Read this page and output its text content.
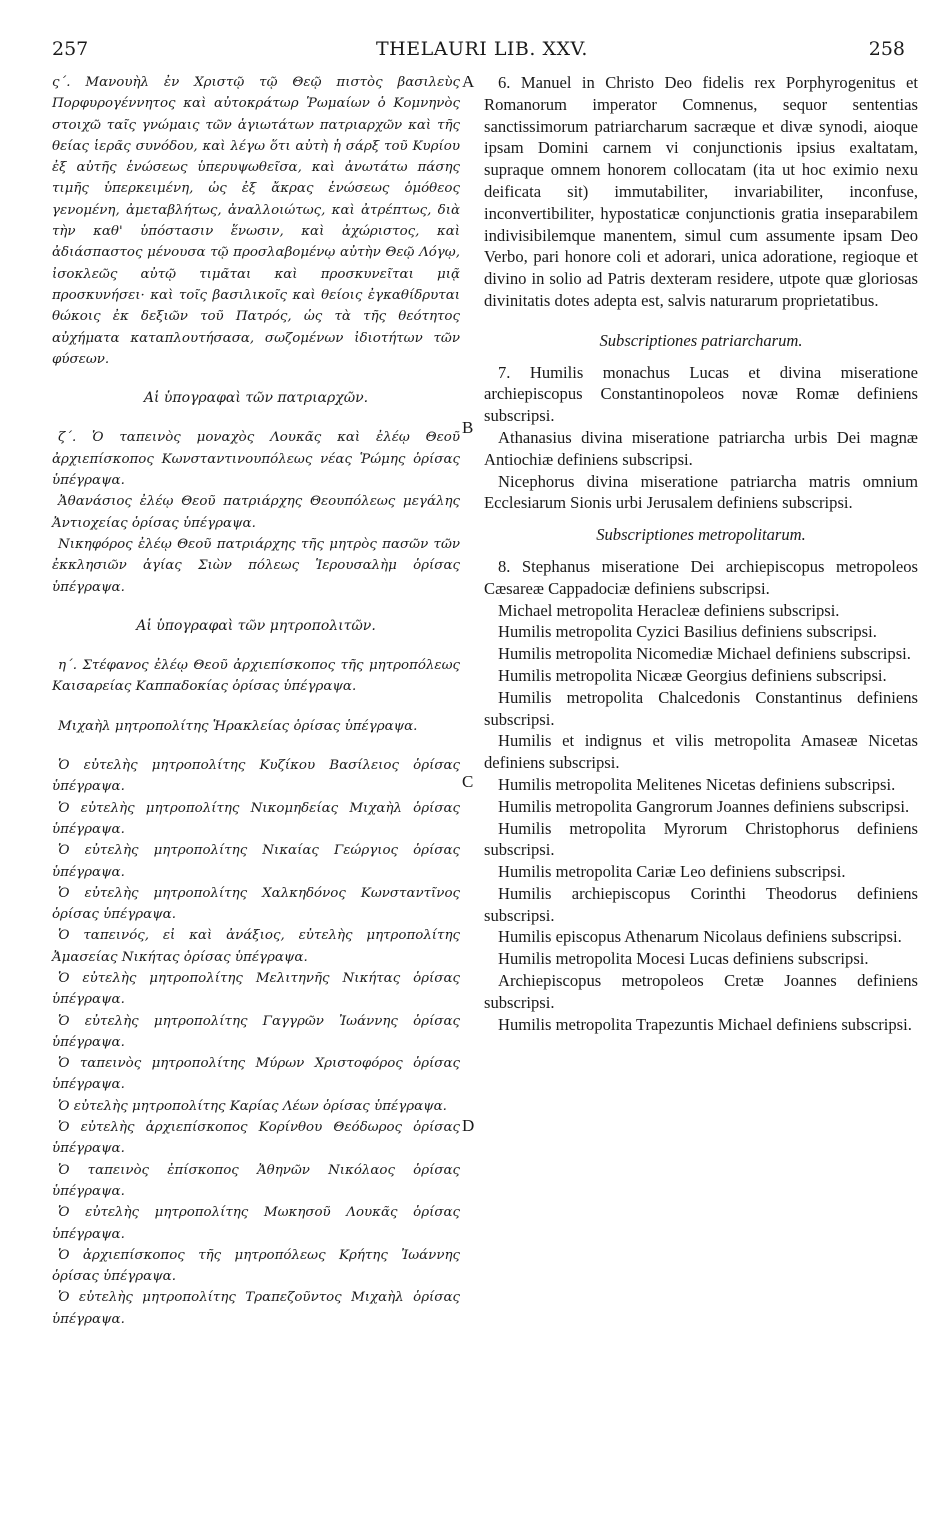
257	THELAURI LIB. XXV.	258
A
B
C
D

ς΄. Μανουὴλ ἐν Χριστῷ τῷ Θεῷ πιστὸς βασιλεὺς Πορφυρογέννητος καὶ αὐτοκράτωρ Ῥωμαίων ὁ Κομνηνὸς στοιχῶ ταῖς γνώμαις τῶν ἁγιωτάτων πατριαρχῶν καὶ τῆς θείας ἱερᾶς συνόδου, καὶ λέγω ὅτι αὐτὴ ἡ σάρξ τοῦ Κυρίου ἐξ αὐτῆς ἑνώσεως ὑπερυψωθεῖσα, καὶ ἀνωτάτω πάσης τιμῆς ὑπερκειμένη, ὡς ἐξ ἄκρας ἑνώσεως ὁμόθεος γενομένη, ἀμεταβλήτως, ἀναλλοιώτως, καὶ ἀτρέπτως, διὰ τὴν καθ' ὑπόστασιν ἕνωσιν, καὶ ἀχώριστος, καὶ ἀδιάσπαστος μένουσα τῷ προσλαβομένῳ αὐτὴν Θεῷ Λόγῳ, ἰσοκλεῶς αὐτῷ τιμᾶται καὶ προσκυνεῖται μιᾷ προσκυνήσει· καὶ τοῖς βασιλικοῖς καὶ θείοις ἐγκαθίδρυται θώκοις ἐκ δεξιῶν τοῦ Πατρός, ὡς τὰ τῆς θεότητος αὐχήματα καταπλουτήσασα, σωζομένων ἰδιοτήτων τῶν φύσεων.

Αἱ ὑπογραφαὶ τῶν πατριαρχῶν.

ζ΄. Ὁ ταπεινὸς μοναχὸς Λουκᾶς καὶ ἐλέῳ Θεοῦ ἀρχιεπίσκοπος Κωνσταντινουπόλεως νέας Ῥώμης ὁρίσας ὑπέγραψα.

Ἀθανάσιος ἐλέῳ Θεοῦ πατριάρχης Θεουπόλεως μεγάλης Ἀντιοχείας ὁρίσας ὑπέγραψα.

Νικηφόρος ἐλέῳ Θεοῦ πατριάρχης τῆς μητρὸς πασῶν τῶν ἐκκλησιῶν ἁγίας Σιὼν πόλεως Ἱερουσαλὴμ ὁρίσας ὑπέγραψα.

Αἱ ὑπογραφαὶ τῶν μητροπολιτῶν.

η΄. Στέφανος ἐλέῳ Θεοῦ ἀρχιεπίσκοπος τῆς μητροπόλεως Καισαρείας Καππαδοκίας ὁρίσας ὑπέγραψα.

Μιχαὴλ μητροπολίτης Ἡρακλείας ὁρίσας ὑπέγραψα.

Ὁ εὐτελὴς μητροπολίτης Κυζίκου Βασίλειος ὁρίσας ὑπέγραψα.

Ὁ εὐτελὴς μητροπολίτης Νικομηδείας Μιχαὴλ ὁρίσας ὑπέγραψα.

Ὁ εὐτελὴς μητροπολίτης Νικαίας Γεώργιος ὁρίσας ὑπέγραψα.

Ὁ εὐτελὴς μητροπολίτης Χαλκηδόνος Κωνσταντῖνος ὁρίσας ὑπέγραψα.

Ὁ ταπεινός, εἰ καὶ ἀνάξιος, εὐτελὴς μητροπολίτης Ἀμασείας Νικήτας ὁρίσας ὑπέγραψα.

Ὁ εὐτελὴς μητροπολίτης Μελιτηνῆς Νικήτας ὁρίσας ὑπέγραψα.

Ὁ εὐτελὴς μητροπολίτης Γαγγρῶν Ἰωάννης ὁρίσας ὑπέγραψα.

Ὁ ταπεινὸς μητροπολίτης Μύρων Χριστοφόρος ὁρίσας ὑπέγραψα.

Ὁ εὐτελὴς μητροπολίτης Καρίας Λέων ὁρίσας ὑπέγραψα.

Ὁ εὐτελὴς ἀρχιεπίσκοπος Κορίνθου Θεόδωρος ὁρίσας ὑπέγραψα.

Ὁ ταπεινὸς ἐπίσκοπος Ἀθηνῶν Νικόλαος ὁρίσας ὑπέγραψα.

Ὁ εὐτελὴς μητροπολίτης Μωκησοῦ Λουκᾶς ὁρίσας ὑπέγραψα.

Ὁ ἀρχιεπίσκοπος τῆς μητροπόλεως Κρήτης Ἰωάννης ὁρίσας ὑπέγραψα.

Ὁ εὐτελὴς μητροπολίτης Τραπεζοῦντος Μιχαὴλ ὁρίσας ὑπέγραψα.

6. Manuel in Christo Deo fidelis rex Porphyrogenitus et Romanorum imperator Comnenus, sequor sententias sanctissimorum patriarcharum sacræque et divæ synodi, aioque ipsam Domini carnem vi conjunctionis ipsius exaltatam, supraque omnem honorem collocatam (ita ut hoc eximio nexu deificata sit) immutabiliter, invariabiliter, inconfuse, inconvertibiliter, hypostaticæ conjunctionis gratia inseparabilem indivisibilemque manentem, simul cum assumente ipsam Deo Verbo, pari honore coli et adorari, unica adoratione, regioque et divino in solio ad Patris dexteram residere, utpote quæ gloriosas divinitatis dotes adepta est, salvis naturarum proprietatibus.

Subscriptiones patriarcharum.

7. Humilis monachus Lucas et divina miseratione archiepiscopus Constantinopoleos novæ Romæ definiens subscripsi.

Athanasius divina miseratione patriarcha urbis Dei magnæ Antiochiæ definiens subscripsi.

Nicephorus divina miseratione patriarcha matris omnium Ecclesiarum Sionis urbi Jerusalem definiens subscripsi.

Subscriptiones metropolitarum.

8. Stephanus miseratione Dei archiepiscopus metropoleos Cæsareæ Cappadociæ definiens subscripsi.

Michael metropolita Heracleæ definiens subscripsi.

Humilis metropolita Cyzici Basilius definiens subscripsi.

Humilis metropolita Nicomediæ Michael definiens subscripsi.

Humilis metropolita Nicææ Georgius definiens subscripsi.

Humilis metropolita Chalcedonis Constantinus definiens subscripsi.

Humilis et indignus et vilis metropolita Amaseæ Nicetas definiens subscripsi.

Humilis metropolita Melitenes Nicetas definiens subscripsi.

Humilis metropolita Gangrorum Joannes definiens subscripsi.

Humilis metropolita Myrorum Christophorus definiens subscripsi.

Humilis metropolita Cariæ Leo definiens subscripsi.

Humilis archiepiscopus Corinthi Theodorus definiens subscripsi.

Humilis episcopus Athenarum Nicolaus definiens subscripsi.

Humilis metropolita Mocesi Lucas definiens subscripsi.

Archiepiscopus metropoleos Cretæ Joannes definiens subscripsi.

Humilis metropolita Trapezuntis Michael definiens subscripsi.
